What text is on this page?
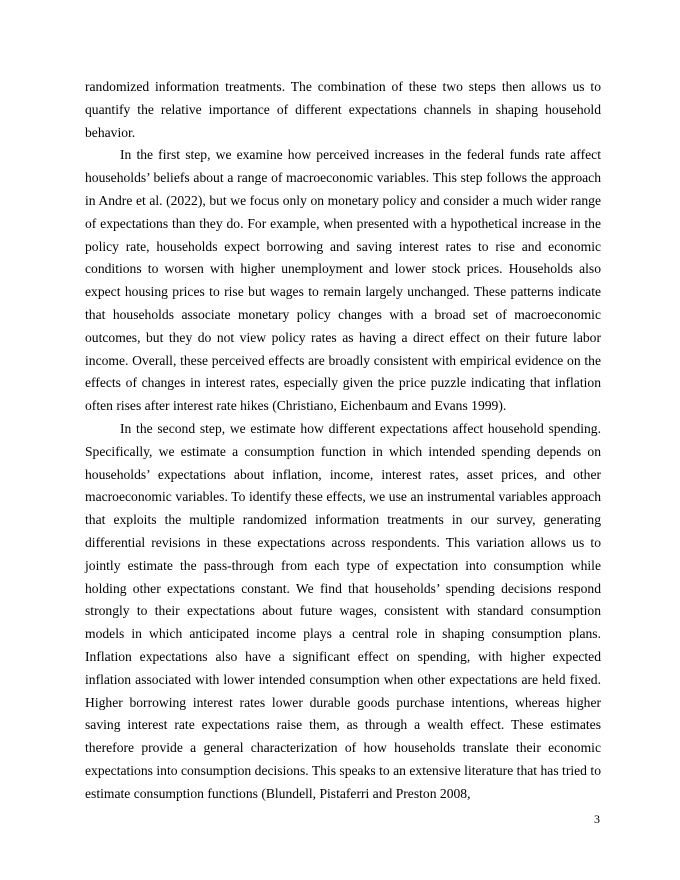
randomized information treatments. The combination of these two steps then allows us to quantify the relative importance of different expectations channels in shaping household behavior.

In the first step, we examine how perceived increases in the federal funds rate affect households’ beliefs about a range of macroeconomic variables. This step follows the approach in Andre et al. (2022), but we focus only on monetary policy and consider a much wider range of expectations than they do. For example, when presented with a hypothetical increase in the policy rate, households expect borrowing and saving interest rates to rise and economic conditions to worsen with higher unemployment and lower stock prices. Households also expect housing prices to rise but wages to remain largely unchanged. These patterns indicate that households associate monetary policy changes with a broad set of macroeconomic outcomes, but they do not view policy rates as having a direct effect on their future labor income. Overall, these perceived effects are broadly consistent with empirical evidence on the effects of changes in interest rates, especially given the price puzzle indicating that inflation often rises after interest rate hikes (Christiano, Eichenbaum and Evans 1999).

In the second step, we estimate how different expectations affect household spending. Specifically, we estimate a consumption function in which intended spending depends on households’ expectations about inflation, income, interest rates, asset prices, and other macroeconomic variables. To identify these effects, we use an instrumental variables approach that exploits the multiple randomized information treatments in our survey, generating differential revisions in these expectations across respondents. This variation allows us to jointly estimate the pass-through from each type of expectation into consumption while holding other expectations constant. We find that households’ spending decisions respond strongly to their expectations about future wages, consistent with standard consumption models in which anticipated income plays a central role in shaping consumption plans. Inflation expectations also have a significant effect on spending, with higher expected inflation associated with lower intended consumption when other expectations are held fixed. Higher borrowing interest rates lower durable goods purchase intentions, whereas higher saving interest rate expectations raise them, as through a wealth effect. These estimates therefore provide a general characterization of how households translate their economic expectations into consumption decisions. This speaks to an extensive literature that has tried to estimate consumption functions (Blundell, Pistaferri and Preston 2008,

3
